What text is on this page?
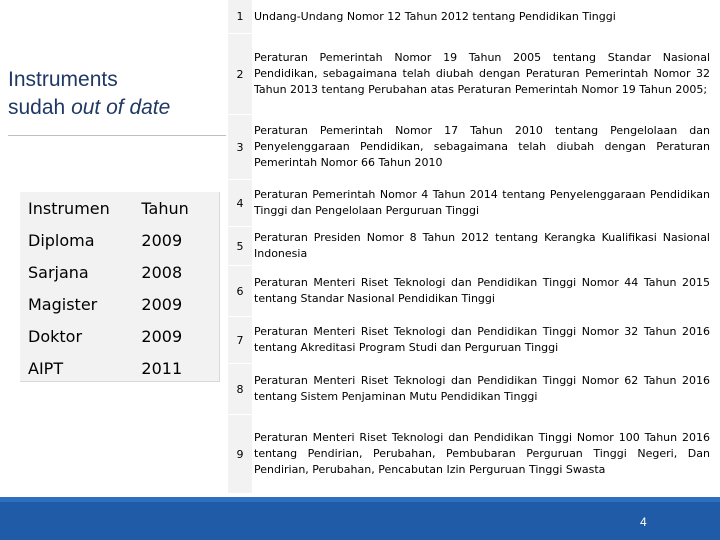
Instruments
sudah out of date
Instrumen	Tahun
Diploma	2009
Sarjana	2008
Magister	2009
Doktor	2009
AIPT	2011
1 Undang-Undang Nomor 12 Tahun 2012 tentang Pendidikan Tinggi
2
Peraturan Pemerintah Nomor 19 Tahun 2005 tentang Standar Nasional Pendidikan, sebagaimana telah diubah dengan Peraturan Pemerintah Nomor 32 Tahun 2013 tentang Perubahan atas Peraturan Pemerintah Nomor 19 Tahun 2005;
3
Peraturan Pemerintah Nomor 17 Tahun 2010 tentang Pengelolaan dan Penyelenggaraan Pendidikan, sebagaimana telah diubah dengan Peraturan Pemerintah Nomor 66 Tahun 2010
4
Peraturan Pemerintah Nomor 4 Tahun 2014 tentang Penyelenggaraan Pendidikan Tinggi dan Pengelolaan Perguruan Tinggi
5
Peraturan Presiden Nomor 8 Tahun 2012 tentang Kerangka Kualifikasi Nasional Indonesia
6
Peraturan Menteri Riset Teknologi dan Pendidikan Tinggi Nomor 44 Tahun 2015 tentang Standar Nasional Pendidikan Tinggi
7
Peraturan Menteri Riset Teknologi dan Pendidikan Tinggi Nomor 32 Tahun 2016 tentang Akreditasi Program Studi dan Perguruan Tinggi
8
Peraturan Menteri Riset Teknologi dan Pendidikan Tinggi Nomor 62 Tahun 2016 tentang Sistem Penjaminan Mutu Pendidikan Tinggi
9
Peraturan Menteri Riset Teknologi dan Pendidikan Tinggi Nomor 100 Tahun 2016 tentang Pendirian, Perubahan, Pembubaran Perguruan Tinggi Negeri, Dan Pendirian, Perubahan, Pencabutan Izin Perguruan Tinggi Swasta
4
